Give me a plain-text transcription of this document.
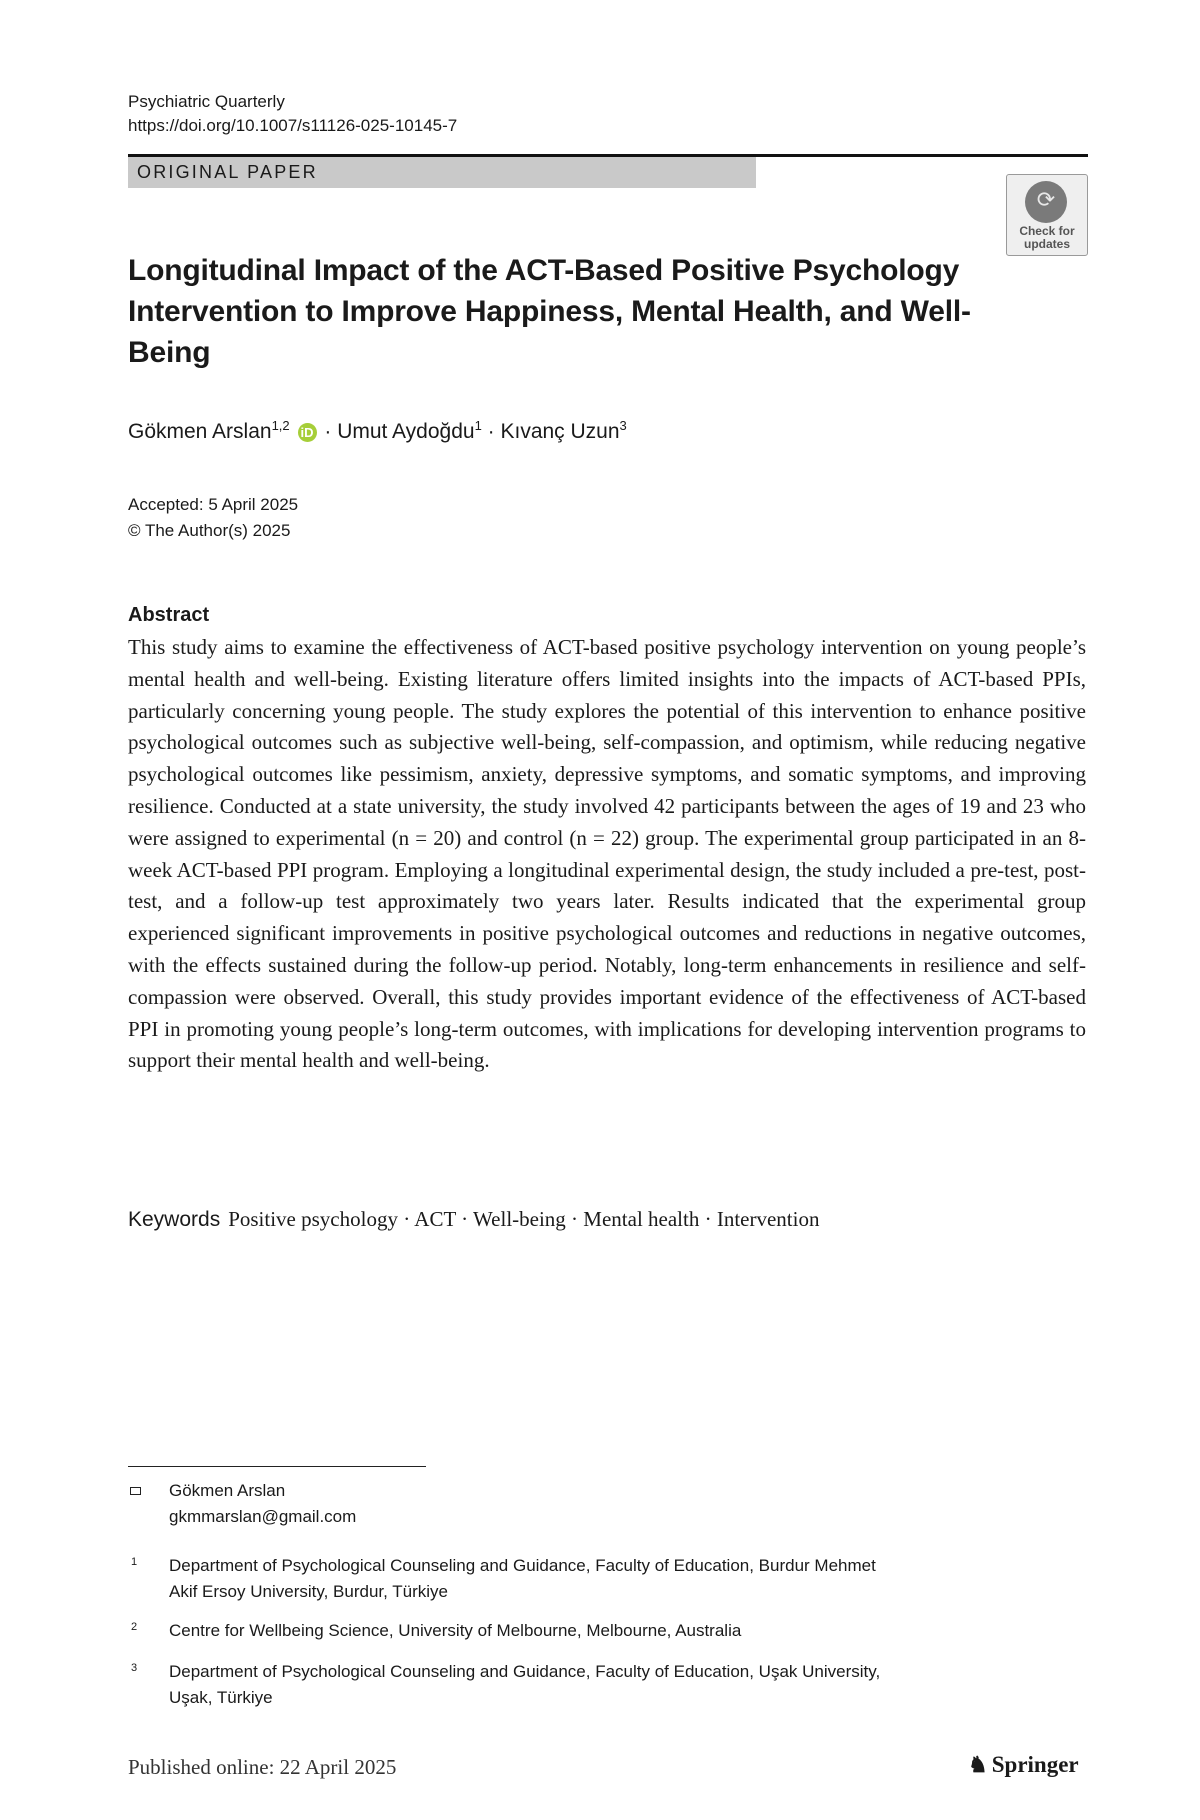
Psychiatric Quarterly
https://doi.org/10.1007/s11126-025-10145-7
ORIGINAL PAPER
⟳
Check for updates
Longitudinal Impact of the ACT-Based Positive Psychology Intervention to Improve Happiness, Mental Health, and Well-Being
Gökmen Arslan$^{1,2}$ iD · Umut Aydoğdu$^1$ · Kıvanç Uzun$^3$
Accepted: 5 April 2025
© The Author(s) 2025
Abstract

This study aims to examine the effectiveness of ACT-based positive psychology intervention on young people’s mental health and well-being. Existing literature offers limited insights into the impacts of ACT-based PPIs, particularly concerning young people. The study explores the potential of this intervention to enhance positive psychological outcomes such as subjective well-being, self-compassion, and optimism, while reducing negative psychological outcomes like pessimism, anxiety, depressive symptoms, and somatic symptoms, and improving resilience. Conducted at a state university, the study involved 42 participants between the ages of 19 and 23 who were assigned to experimental (n = 20) and control (n = 22) group. The experimental group participated in an 8-week ACT-based PPI program. Employing a longitudinal experimental design, the study included a pre-test, post-test, and a follow-up test approximately two years later. Results indicated that the experimental group experienced significant improvements in positive psychological outcomes and reductions in negative outcomes, with the effects sustained during the follow-up period. Notably, long-term enhancements in resilience and self-compassion were observed. Overall, this study provides important evidence of the effectiveness of ACT-based PPI in promoting young people’s long-term outcomes, with implications for developing intervention programs to support their mental health and well-being.

Keywords Positive psychology · ACT · Well-being · Mental health · Intervention
Gökmen Arslan
gkmmarslan@gmail.com
1 Department of Psychological Counseling and Guidance, Faculty of Education, Burdur Mehmet
Akif Ersoy University, Burdur, Türkiye
2 Centre for Wellbeing Science, University of Melbourne, Melbourne, Australia
3 Department of Psychological Counseling and Guidance, Faculty of Education, Uşak University,
Uşak, Türkiye
Published online: 22 April 2025	♞ Springer
